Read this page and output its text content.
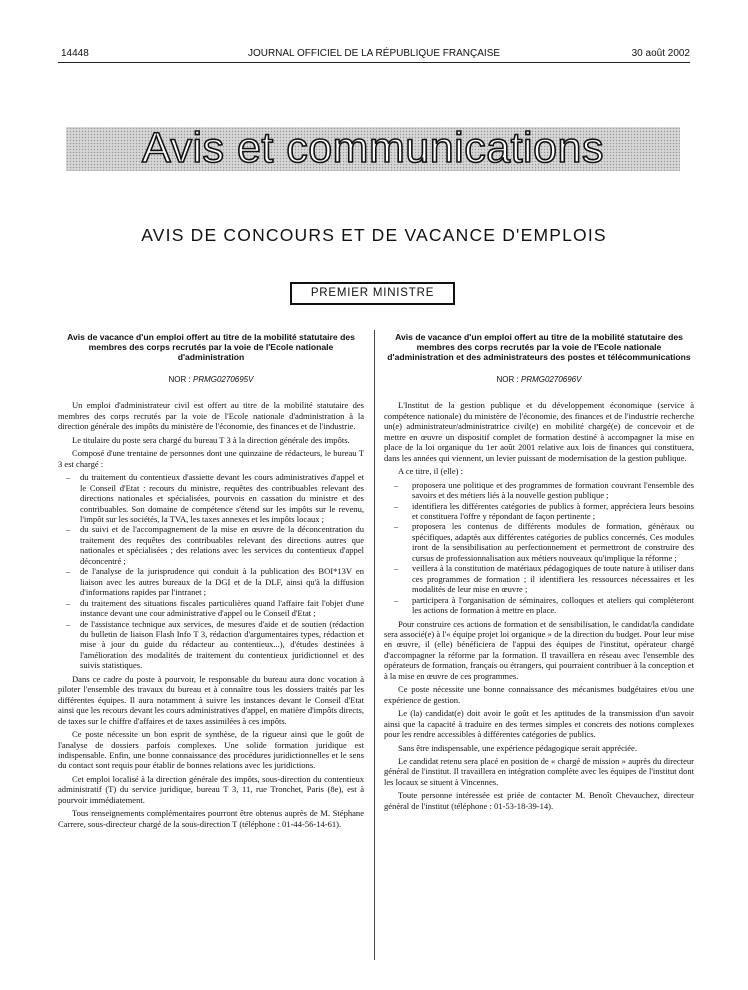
14448	JOURNAL OFFICIEL DE LA RÉPUBLIQUE FRANÇAISE	30 août 2002
Avis et communications
AVIS DE CONCOURS ET DE VACANCE D'EMPLOIS
PREMIER MINISTRE
Avis de vacance d'un emploi offert au titre de la mobilité statutaire des membres des corps recrutés par la voie de l'Ecole nationale d'administration
NOR : PRMG0270695V

Un emploi d'administrateur civil est offert au titre de la mobilité statutaire des membres des corps recrutés par la voie de l'Ecole nationale d'administration à la direction générale des impôts du ministère de l'économie, des finances et de l'industrie.

Le titulaire du poste sera chargé du bureau T 3 à la direction générale des impôts.

Composé d'une trentaine de personnes dont une quinzaine de rédacteurs, le bureau T 3 est chargé :

– du traitement du contentieux d'assiette devant les cours administratives d'appel et le Conseil d'Etat : recours du ministre, requêtes des contribuables relevant des directions nationales et spécialisées, pourvois en cassation du ministre et des contribuables. Son domaine de compétence s'étend sur les impôts sur le revenu, l'impôt sur les sociétés, la TVA, les taxes annexes et les impôts locaux ;
– du suivi et de l'accompagnement de la mise en œuvre de la déconcentration du traitement des requêtes des contribuables relevant des directions autres que nationales et spécialisées ; des relations avec les services du contentieux d'appel déconcentré ;
– de l'analyse de la jurisprudence qui conduit à la publication des BOI*13V en liaison avec les autres bureaux de la DGI et de la DLF, ainsi qu'à la diffusion d'informations rapides par l'intranet ;
– du traitement des situations fiscales particulières quand l'affaire fait l'objet d'une instance devant une cour administrative d'appel ou le Conseil d'Etat ;
– de l'assistance technique aux services, de mesures d'aide et de soutien (rédaction du bulletin de liaison Flash Info T 3, rédaction d'argumentaires types, rédaction et mise à jour du guide du rédacteur au contentieux...), d'études destinées à l'amélioration des modalités de traitement du contentieux juridictionnel et des suivis statistiques.

Dans ce cadre du poste à pourvoir, le responsable du bureau aura donc vocation à piloter l'ensemble des travaux du bureau et à connaître tous les dossiers traités par les différentes équipes. Il aura notamment à suivre les instances devant le Conseil d'Etat ainsi que les recours devant les cours administratives d'appel, en matière d'impôts directs, de taxes sur le chiffre d'affaires et de taxes assimilées à ces impôts.

Ce poste nécessite un bon esprit de synthèse, de la rigueur ainsi que le goût de l'analyse de dossiers parfois complexes. Une solide formation juridique est indispensable. Enfin, une bonne connaissance des procédures juridictionnelles et le sens du contact sont requis pour établir de bonnes relations avec les juridictions.

Cet emploi localisé à la direction générale des impôts, sous-direction du contentieux administratif (T) du service juridique, bureau T 3, 11, rue Tronchet, Paris (8e), est à pourvoir immédiatement.

Tous renseignements complémentaires pourront être obtenus auprès de M. Stéphane Carrere, sous-directeur chargé de la sous-direction T (téléphone : 01-44-56-14-61).

Avis de vacance d'un emploi offert au titre de la mobilité statutaire des membres des corps recrutés par la voie de l'Ecole nationale d'administration et des administrateurs des postes et télécommunications
NOR : PRMG0270696V

L'Institut de la gestion publique et du développement économique (service à compétence nationale) du ministère de l'économie, des finances et de l'industrie recherche un(e) administrateur/administratrice civil(e) en mobilité chargé(e) de concevoir et de mettre en œuvre un dispositif complet de formation destiné à accompagner la mise en place de la loi organique du 1er août 2001 relative aux lois de finances qui constituera, dans les années qui viennent, un levier puissant de modernisation de la gestion publique.

A ce titre, il (elle) :

– proposera une politique et des programmes de formation couvrant l'ensemble des savoirs et des métiers liés à la nouvelle gestion publique ;
– identifiera les différentes catégories de publics à former, appréciera leurs besoins et constituera l'offre y répondant de façon pertinente ;
– proposera les contenus de différents modules de formation, généraux ou spécifiques, adaptés aux différentes catégories de publics concernés. Ces modules iront de la sensibilisation au perfectionnement et permettront de construire des cursus de professionnalisation aux métiers nouveaux qu'implique la réforme ;
– veillera à la constitution de matériaux pédagogiques de toute nature à utiliser dans ces programmes de formation ; il identifiera les ressources nécessaires et les modalités de leur mise en œuvre ;
– participera à l'organisation de séminaires, colloques et ateliers qui compléteront les actions de formation à mettre en place.

Pour construire ces actions de formation et de sensibilisation, le candidat/la candidate sera associé(e) à l'« équipe projet loi organique » de la direction du budget. Pour leur mise en œuvre, il (elle) bénéficiera de l'appui des équipes de l'institut, opérateur chargé d'accompagner la réforme par la formation. Il travaillera en réseau avec l'ensemble des opérateurs de formation, français ou étrangers, qui pourraient contribuer à la conception et à la mise en œuvre de ces programmes.

Ce poste nécessite une bonne connaissance des mécanismes budgétaires et/ou une expérience de gestion.

Le (la) candidat(e) doit avoir le goût et les aptitudes de la transmission d'un savoir ainsi que la capacité à traduire en des termes simples et concrets des notions complexes pour les rendre accessibles à différentes catégories de publics.

Sans être indispensable, une expérience pédagogique serait appréciée.

Le candidat retenu sera placé en position de « chargé de mission » auprès du directeur général de l'institut. Il travaillera en intégration complète avec les équipes de l'institut dont les locaux se situent à Vincennes.

Toute personne intéressée est priée de contacter M. Benoît Chevauchez, directeur général de l'institut (téléphone : 01-53-18-39-14).
